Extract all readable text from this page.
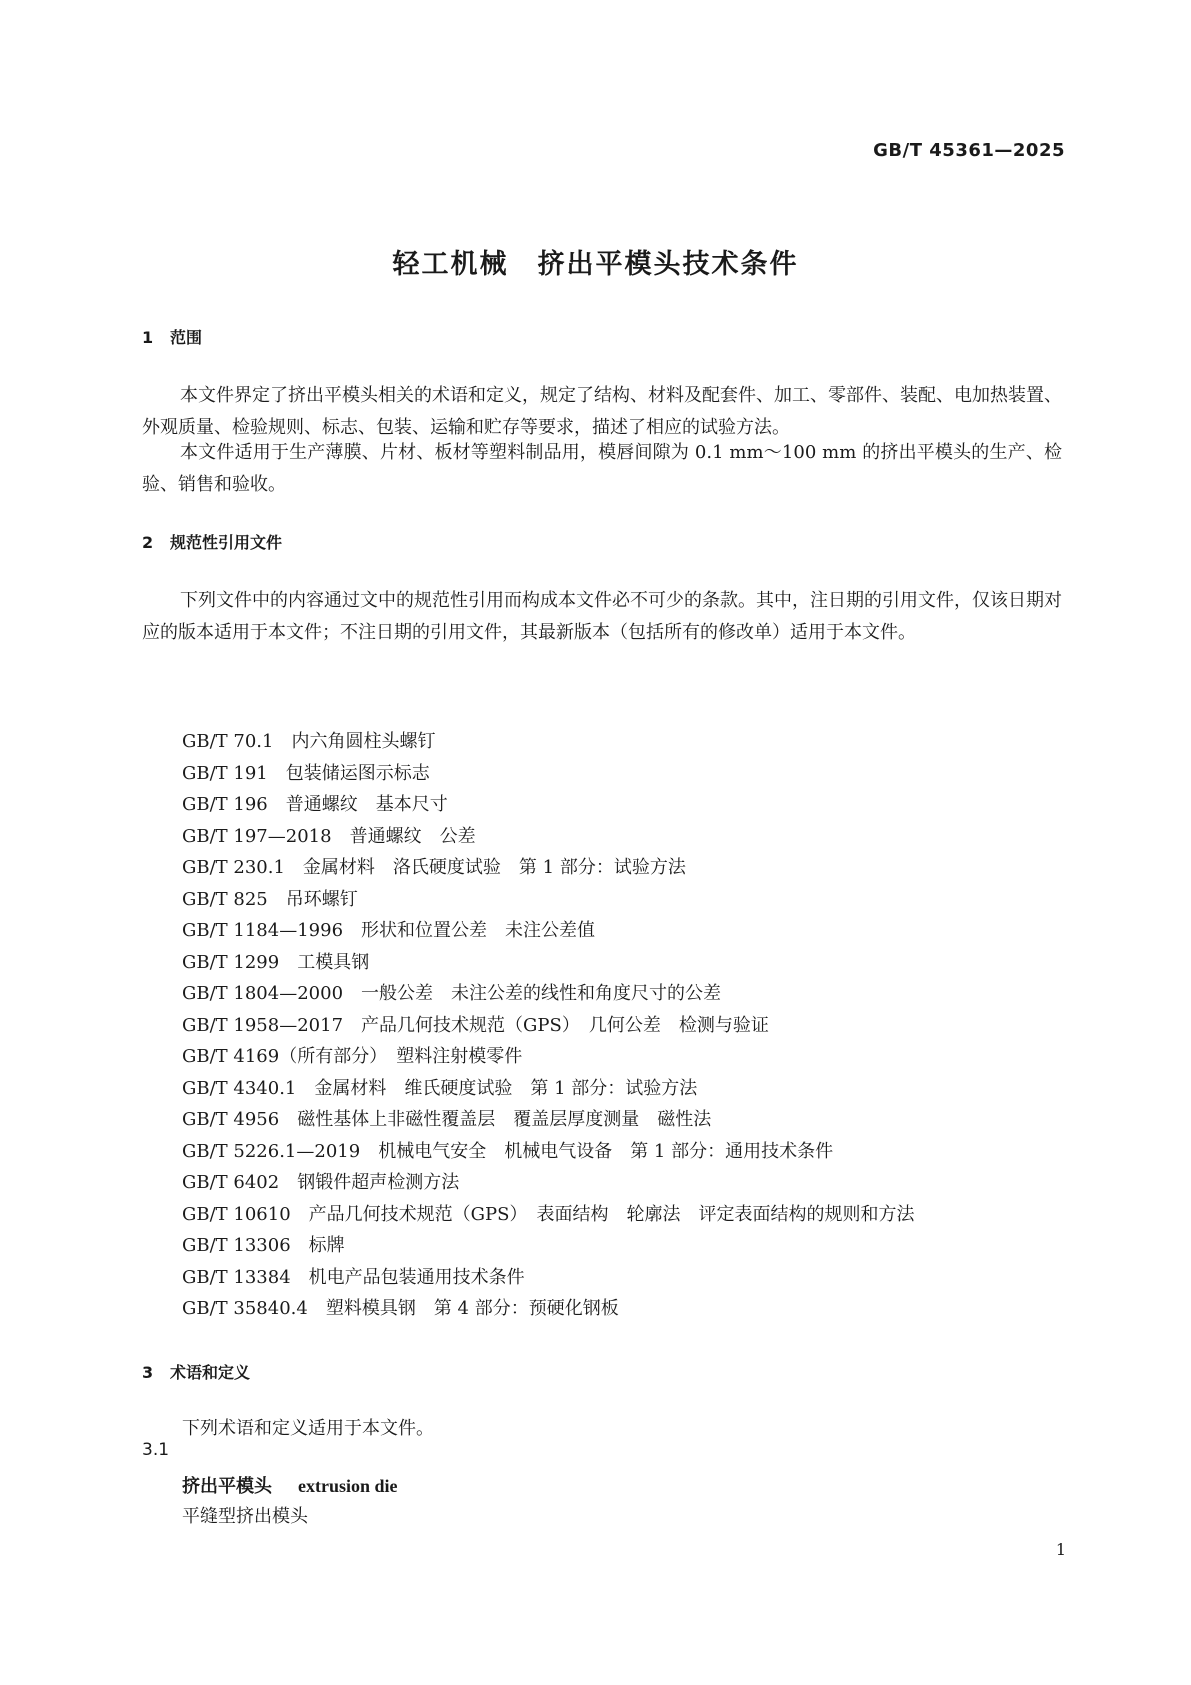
GB/T 45361—2025
轻工机械　挤出平模头技术条件
1 范围
本文件界定了挤出平模头相关的术语和定义，规定了结构、材料及配套件、加工、零部件、装配、电加热装置、外观质量、检验规则、标志、包装、运输和贮存等要求，描述了相应的试验方法。
本文件适用于生产薄膜、片材、板材等塑料制品用，模唇间隙为 0.1 mm～100 mm 的挤出平模头的生产、检验、销售和验收。
2 规范性引用文件
下列文件中的内容通过文中的规范性引用而构成本文件必不可少的条款。其中，注日期的引用文件，仅该日期对应的版本适用于本文件；不注日期的引用文件，其最新版本（包括所有的修改单）适用于本文件。
GB/T 70.1　内六角圆柱头螺钉
GB/T 191　包装储运图示标志
GB/T 196　普通螺纹　基本尺寸
GB/T 197—2018　普通螺纹　公差
GB/T 230.1　金属材料　洛氏硬度试验　第 1 部分：试验方法
GB/T 825　吊环螺钉
GB/T 1184—1996　形状和位置公差　未注公差值
GB/T 1299　工模具钢
GB/T 1804—2000　一般公差　未注公差的线性和角度尺寸的公差
GB/T 1958—2017　产品几何技术规范（GPS）　几何公差　检测与验证
GB/T 4169（所有部分）　塑料注射模零件
GB/T 4340.1　金属材料　维氏硬度试验　第 1 部分：试验方法
GB/T 4956　磁性基体上非磁性覆盖层　覆盖层厚度测量　磁性法
GB/T 5226.1—2019　机械电气安全　机械电气设备　第 1 部分：通用技术条件
GB/T 6402　钢锻件超声检测方法
GB/T 10610　产品几何技术规范（GPS）　表面结构　轮廓法　评定表面结构的规则和方法
GB/T 13306　标牌
GB/T 13384　机电产品包装通用技术条件
GB/T 35840.4　塑料模具钢　第 4 部分：预硬化钢板
3 术语和定义
下列术语和定义适用于本文件。
3.1
挤出平模头 extrusion die
平缝型挤出模头
1
